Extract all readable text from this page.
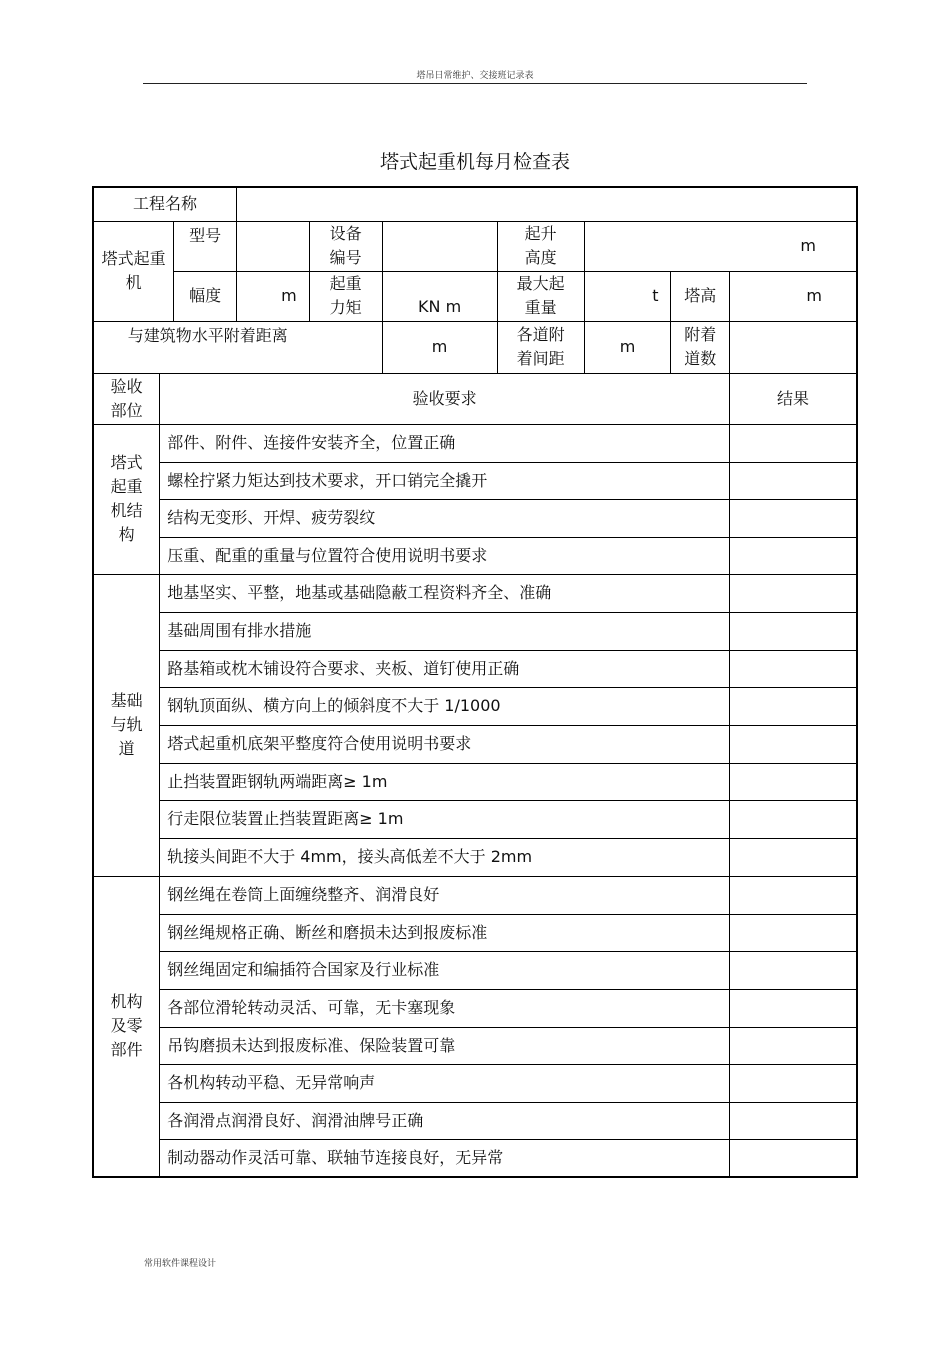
塔吊日常维护、交接班记录表
塔式起重机每月检查表
工程名称									
塔式起重机		型号		设备编号		起升高度	m		
		幅度	m	起重力矩	KN m	最大起重量	t	塔高	m
与建筑物水平附着距离					m	各道附着间距	m	附着道数	
验收部位	验收要求								结果
塔式起重机结构	部件、附件、连接件安装齐全，位置正确								
	螺栓拧紧力矩达到技术要求，开口销完全撬开								
	结构无变形、开焊、疲劳裂纹								
	压重、配重的重量与位置符合使用说明书要求								
基础与轨道	地基坚实、平整，地基或基础隐蔽工程资料齐全、准确								
	基础周围有排水措施								
	路基箱或枕木铺设符合要求、夹板、道钉使用正确								
	钢轨顶面纵、横方向上的倾斜度不大于 1/1000								
	塔式起重机底架平整度符合使用说明书要求								
	止挡装置距钢轨两端距离≥ 1m								
	行走限位装置止挡装置距离≥ 1m								
	轨接头间距不大于 4mm，接头高低差不大于 2mm								
机构及零部件	钢丝绳在卷筒上面缠绕整齐、润滑良好								
	钢丝绳规格正确、断丝和磨损未达到报废标准								
	钢丝绳固定和编插符合国家及行业标准								
	各部位滑轮转动灵活、可靠，无卡塞现象								
	吊钩磨损未达到报废标准、保险装置可靠								
	各机构转动平稳、无异常响声								
	各润滑点润滑良好、润滑油牌号正确								
	制动器动作灵活可靠、联轴节连接良好，无异常								
常用软件课程设计
